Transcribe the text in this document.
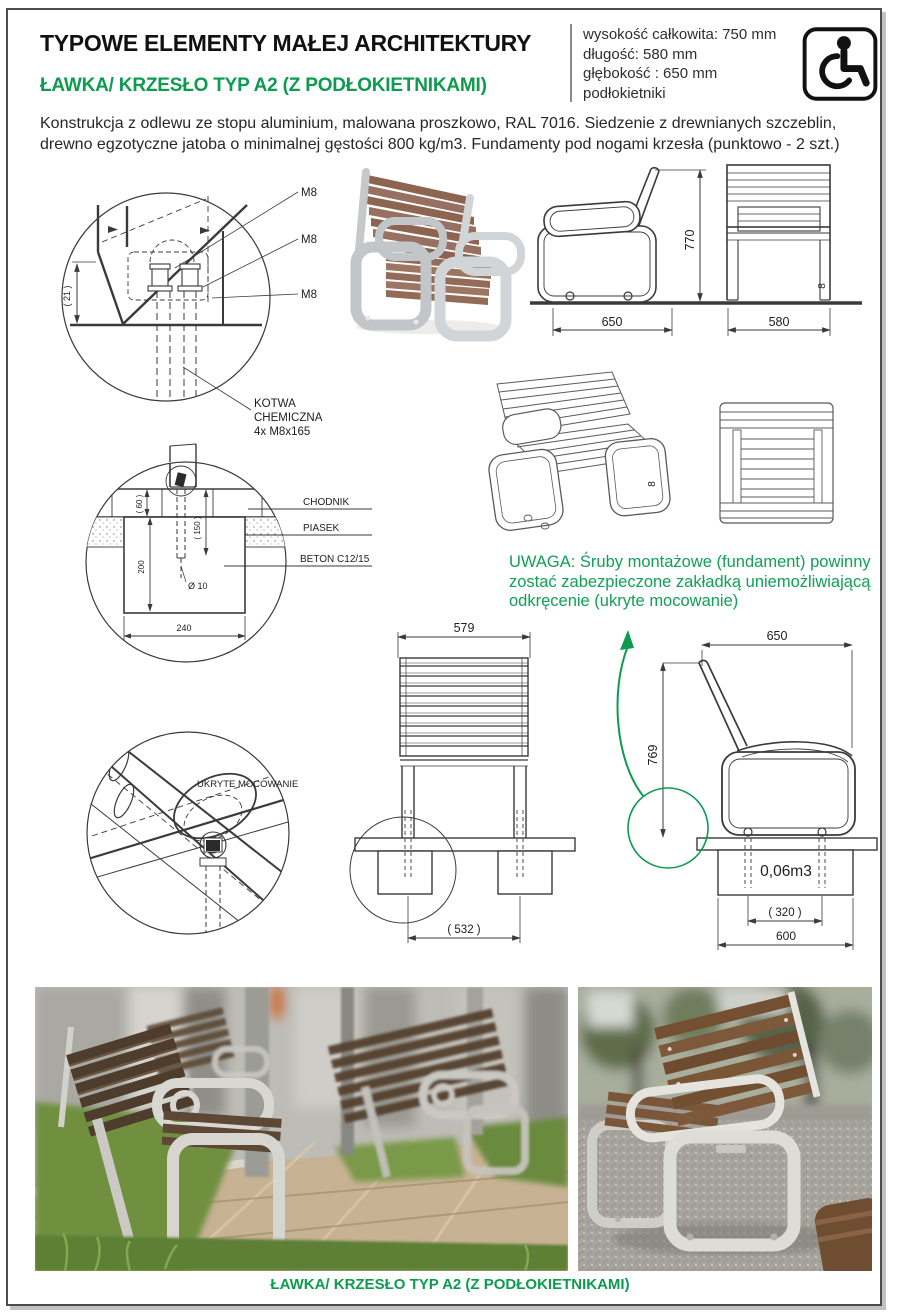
TYPOWE ELEMENTY MAŁEJ ARCHITEKTURY
ŁAWKA/ KRZESŁO TYP A2 (Z PODŁOKIETNIKAMI)
wysokość całkowita: 750 mm
długość: 580 mm
głębokość : 650 mm
podłokietniki
Konstrukcja z odlewu ze stopu aluminium, malowana proszkowo, RAL 7016. Siedzenie z drewnianych szczeblin,
drewno egzotyczne jatoba o minimalnej gęstości 800 kg/m3. Fundamenty pod nogami krzesła (punktowo - 2 szt.)
( 21 )
M8
M8
M8
KOTWA
CHEMICZNA
4x M8x165
650
770
8
580
( 60 )
( 150 )
200
Ø 10
240
CHODNIK
PIASEK
BETON C12/15
8
UKRYTE MOCOWANIE
579
( 532 )
650
769
0,06m3
( 320 )
600
UWAGA: Śruby montażowe (fundament) powinny
zostać zabezpieczone zakładką uniemożliwiającą
odkręcenie (ukryte mocowanie)
ŁAWKA/ KRZESŁO TYP A2 (Z PODŁOKIETNIKAMI)
